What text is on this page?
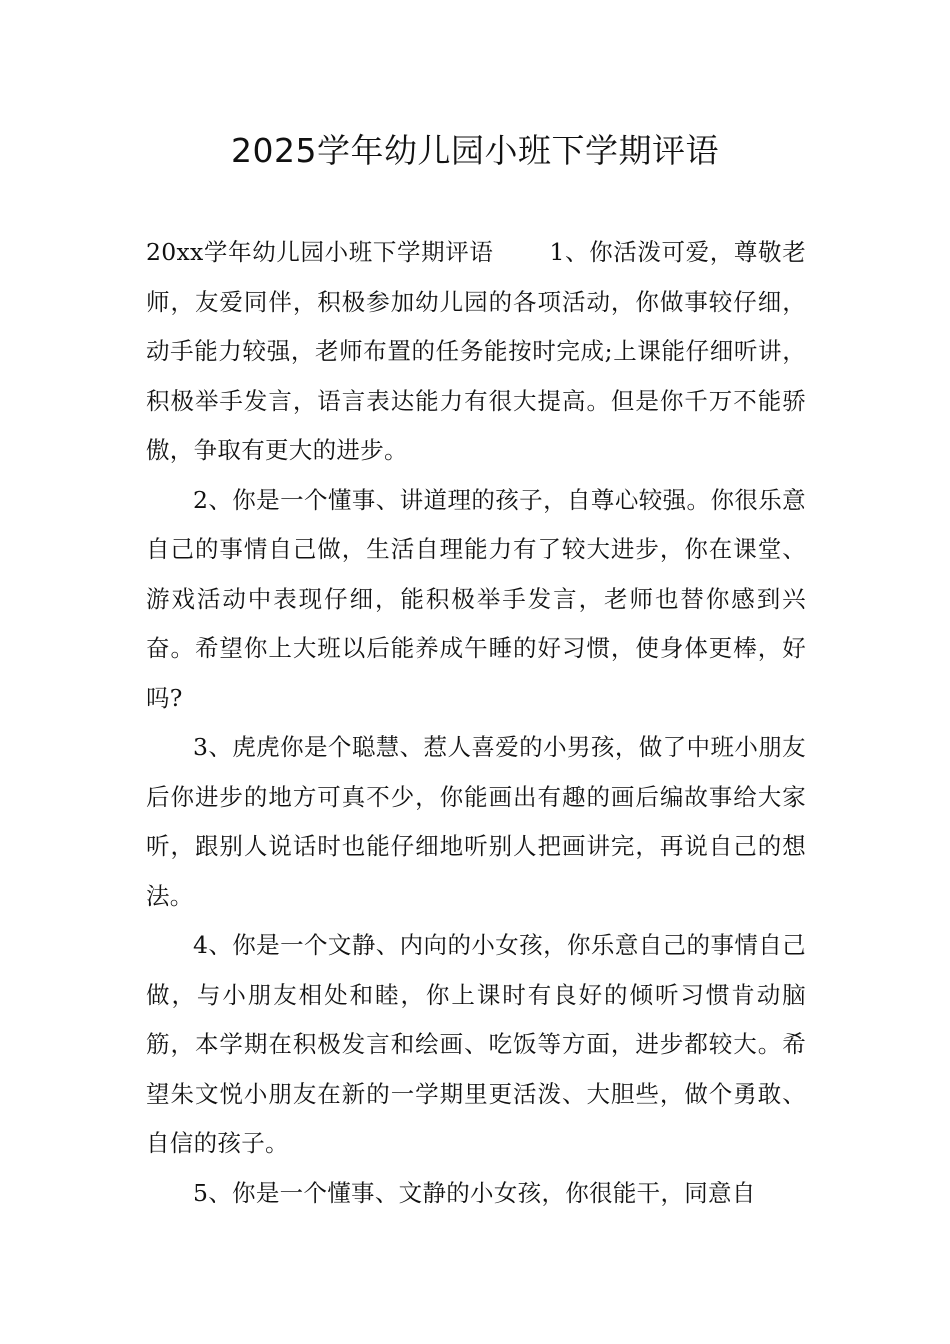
2025学年幼儿园小班下学期评语

20xx学年幼儿园小班下学期评语 1、你活泼可爱，尊敬老师，友爱同伴，积极参加幼儿园的各项活动，你做事较仔细，动手能力较强，老师布置的任务能按时完成;上课能仔细听讲，积极举手发言，语言表达能力有很大提高。但是你千万不能骄傲，争取有更大的进步。

2、你是一个懂事、讲道理的孩子，自尊心较强。你很乐意自己的事情自己做，生活自理能力有了较大进步，你在课堂、游戏活动中表现仔细，能积极举手发言，老师也替你感到兴奋。希望你上大班以后能养成午睡的好习惯，使身体更棒，好吗?

3、虎虎你是个聪慧、惹人喜爱的小男孩，做了中班小朋友后你进步的地方可真不少，你能画出有趣的画后编故事给大家听，跟别人说话时也能仔细地听别人把画讲完，再说自己的想法。

4、你是一个文静、内向的小女孩，你乐意自己的事情自己做，与小朋友相处和睦，你上课时有良好的倾听习惯肯动脑筋，本学期在积极发言和绘画、吃饭等方面，进步都较大。希望朱文悦小朋友在新的一学期里更活泼、大胆些，做个勇敢、自信的孩子。

5、你是一个懂事、文静的小女孩，你很能干，同意自
